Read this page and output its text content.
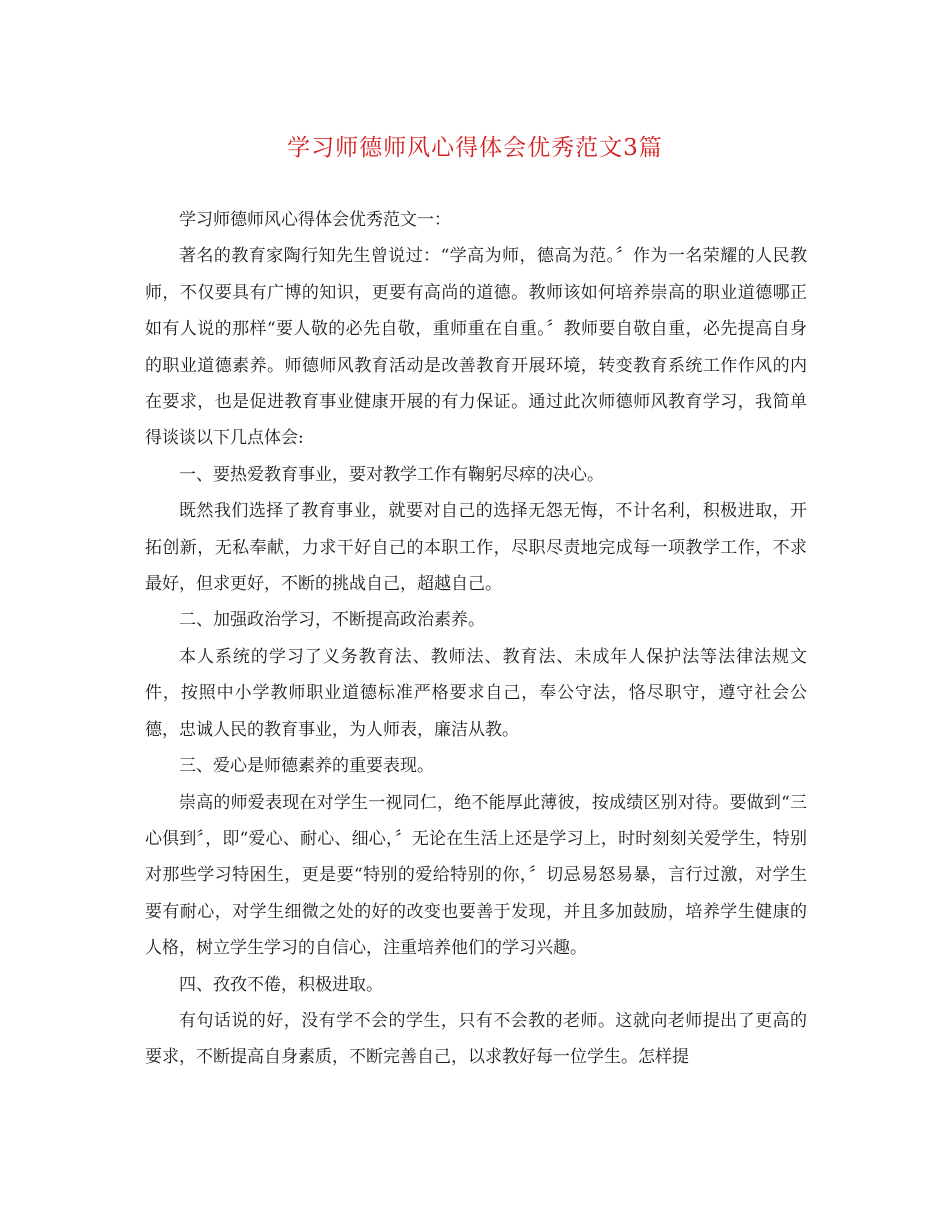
学习师德师风心得体会优秀范文3篇

学习师德师风心得体会优秀范文一：

著名的教育家陶行知先生曾说过：“学高为师，德高为范。〞作为一名荣耀的人民教师，不仅要具有广博的知识，更要有高尚的道德。教师该如何培养崇高的职业道德哪正如有人说的那样“要人敬的必先自敬，重师重在自重。〞教师要自敬自重，必先提高自身的职业道德素养。师德师风教育活动是改善教育开展环境，转变教育系统工作作风的内在要求，也是促进教育事业健康开展的有力保证。通过此次师德师风教育学习，我简单得谈谈以下几点体会:

一、要热爱教育事业，要对教学工作有鞠躬尽瘁的决心。

既然我们选择了教育事业，就要对自己的选择无怨无悔，不计名利，积极进取，开拓创新，无私奉献，力求干好自己的本职工作，尽职尽责地完成每一项教学工作，不求最好，但求更好，不断的挑战自己，超越自己。

二、加强政治学习，不断提高政治素养。

本人系统的学习了义务教育法、教师法、教育法、未成年人保护法等法律法规文件，按照中小学教师职业道德标准严格要求自己，奉公守法，恪尽职守，遵守社会公德，忠诚人民的教育事业，为人师表，廉洁从教。

三、爱心是师德素养的重要表现。

崇高的师爱表现在对学生一视同仁，绝不能厚此薄彼，按成绩区别对待。要做到“三心俱到〞，即“爱心、耐心、细心，〞无论在生活上还是学习上，时时刻刻关爱学生，特别对那些学习特困生，更是要“特别的爱给特别的你，〞切忌易怒易暴，言行过激，对学生要有耐心，对学生细微之处的好的改变也要善于发现，并且多加鼓励，培养学生健康的人格，树立学生学习的自信心，注重培养他们的学习兴趣。

四、孜孜不倦，积极进取。

有句话说的好，没有学不会的学生，只有不会教的老师。这就向老师提出了更高的要求，不断提高自身素质，不断完善自己，以求教好每一位学生。怎样提
